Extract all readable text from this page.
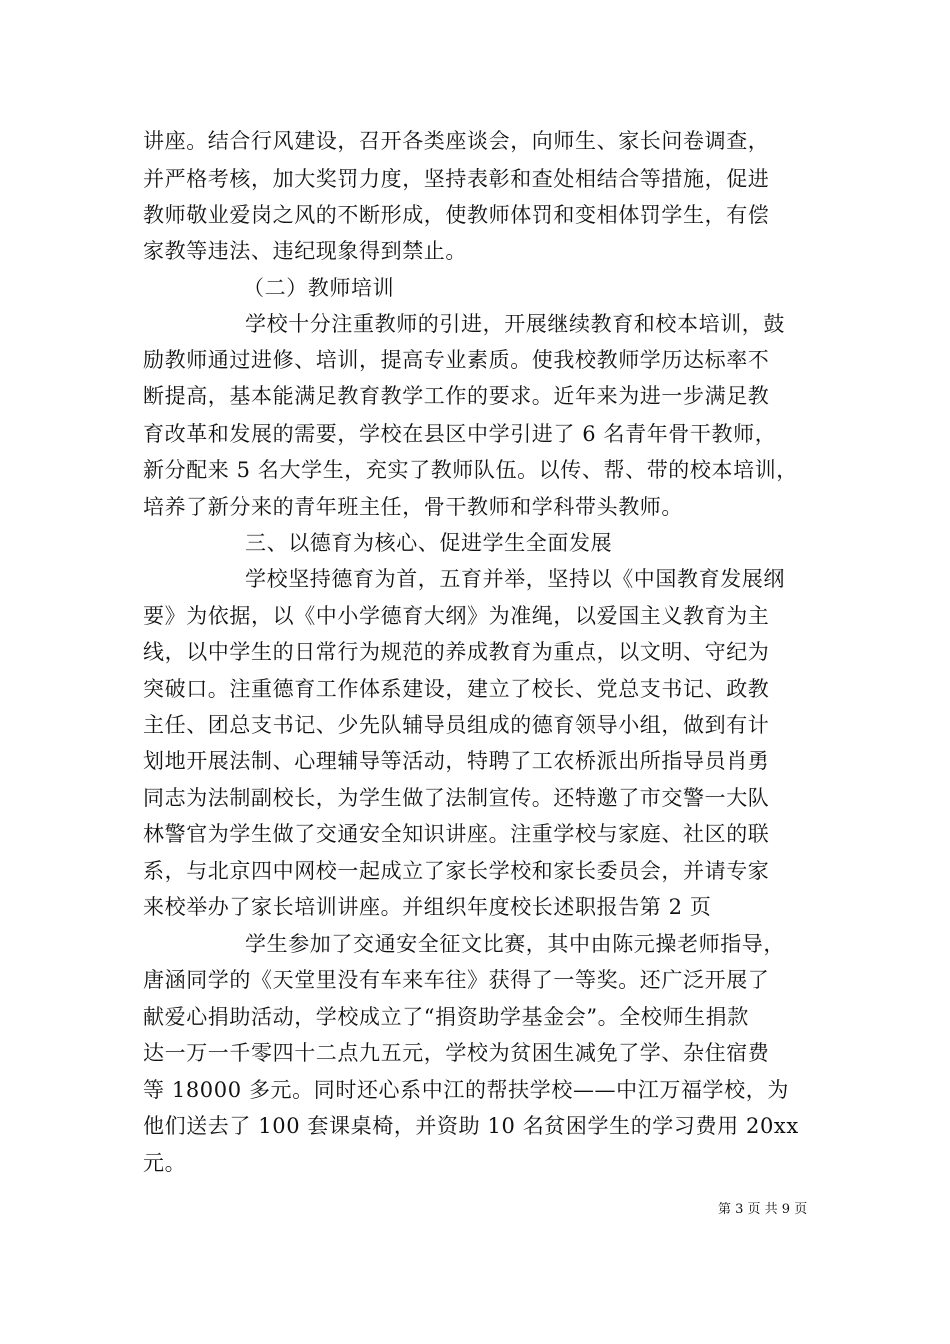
讲座。结合行风建设，召开各类座谈会，向师生、家长问卷调查，
并严格考核，加大奖罚力度，坚持表彰和查处相结合等措施，促进
教师敬业爱岗之风的不断形成，使教师体罚和变相体罚学生，有偿
家教等违法、违纪现象得到禁止。
（二）教师培训
学校十分注重教师的引进，开展继续教育和校本培训，鼓
励教师通过进修、培训，提高专业素质。使我校教师学历达标率不
断提高，基本能满足教育教学工作的要求。近年来为进一步满足教
育改革和发展的需要，学校在县区中学引进了 6 名青年骨干教师，
新分配来 5 名大学生，充实了教师队伍。以传、帮、带的校本培训，
培养了新分来的青年班主任，骨干教师和学科带头教师。
三、以德育为核心、促进学生全面发展
学校坚持德育为首，五育并举，坚持以《中国教育发展纲
要》为依据，以《中小学德育大纲》为准绳，以爱国主义教育为主
线，以中学生的日常行为规范的养成教育为重点，以文明、守纪为
突破口。注重德育工作体系建设，建立了校长、党总支书记、政教
主任、团总支书记、少先队辅导员组成的德育领导小组，做到有计
划地开展法制、心理辅导等活动，特聘了工农桥派出所指导员肖勇
同志为法制副校长，为学生做了法制宣传。还特邀了市交警一大队
林警官为学生做了交通安全知识讲座。注重学校与家庭、社区的联
系，与北京四中网校一起成立了家长学校和家长委员会，并请专家
来校举办了家长培训讲座。并组织年度校长述职报告第 2 页
学生参加了交通安全征文比赛，其中由陈元操老师指导，
唐涵同学的《天堂里没有车来车往》获得了一等奖。还广泛开展了
献爱心捐助活动，学校成立了“捐资助学基金会”。全校师生捐款
达一万一千零四十二点九五元，学校为贫困生减免了学、杂住宿费
等 18000 多元。同时还心系中江的帮扶学校——中江万福学校，为
他们送去了 100 套课桌椅，并资助 10 名贫困学生的学习费用 20xx
元。
第 3 页 共 9 页
